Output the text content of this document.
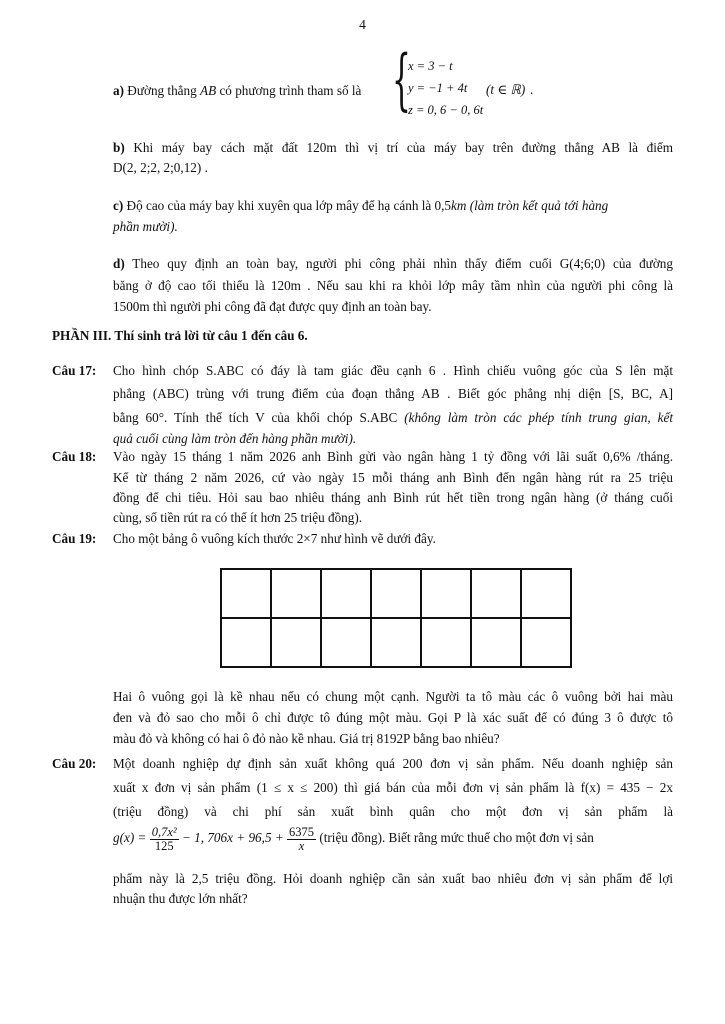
4
a) Đường thẳng AB có phương trình tham số là {
x = 3 − t
y = −1 + 4t
z = 0, 6 − 0, 6t
(t ∈ ℝ) .
b) Khi máy bay cách mặt đất 120m thì vị trí của máy bay trên đường thẳng AB là điểm
D(2, 2;2, 2;0,12) .
c) Độ cao của máy bay khi xuyên qua lớp mây để hạ cánh là 0,5km (làm tròn kết quả tới hàng
phần mười).
d) Theo quy định an toàn bay, người phi công phải nhìn thấy điểm cuối G(4;6;0) của đường
băng ở độ cao tối thiểu là 120m . Nếu sau khi ra khỏi lớp mây tầm nhìn của người phi công là
1500m thì người phi công đã đạt được quy định an toàn bay.
PHẦN III. Thí sinh trả lời từ câu 1 đến câu 6.
Câu 17: Cho hình chóp S.ABC có đáy là tam giác đều cạnh 6 . Hình chiếu vuông góc của S lên mặt
phẳng (ABC) trùng với trung điểm của đoạn thẳng AB . Biết góc phẳng nhị diện [S, BC, A]
bằng 60°. Tính thể tích V của khối chóp S.ABC (không làm tròn các phép tính trung gian, kết
quả cuối cùng làm tròn đến hàng phần mười).
Câu 18: Vào ngày 15 tháng 1 năm 2026 anh Bình gửi vào ngân hàng 1 tỷ đồng với lãi suất 0,6% /tháng.
Kể từ tháng 2 năm 2026, cứ vào ngày 15 mỗi tháng anh Bình đến ngân hàng rút ra 25 triệu
đồng để chi tiêu. Hỏi sau bao nhiêu tháng anh Bình rút hết tiền trong ngân hàng (ở tháng cuối
cùng, số tiền rút ra có thể ít hơn 25 triệu đồng).
Câu 19: Cho một bảng ô vuông kích thước 2×7 như hình vẽ dưới đây.

Hai ô vuông gọi là kề nhau nếu có chung một cạnh. Người ta tô màu các ô vuông bởi hai màu
đen và đỏ sao cho mỗi ô chỉ được tô đúng một màu. Gọi P là xác suất để có đúng 3 ô được tô
màu đỏ và không có hai ô đỏ nào kề nhau. Giá trị 8192P bằng bao nhiêu?
Câu 20: Một doanh nghiệp dự định sản xuất không quá 200 đơn vị sản phẩm. Nếu doanh nghiệp sản
xuất x đơn vị sản phẩm (1 ≤ x ≤ 200) thì giá bán của mỗi đơn vị sản phẩm là f(x) = 435 − 2x
(triệu đồng) và chi phí sản xuất bình quân cho một đơn vị sản phẩm là
$g(x) = \frac{\text{0,7x²}}{125} - 1$, $706x + 96,5 + \frac{6375}{x}$ (triệu đồng). Biết rằng mức thuế cho một đơn vị sản
phẩm này là 2,5 triệu đồng. Hỏi doanh nghiệp cần sản xuất bao nhiêu đơn vị sản phẩm để lợi
nhuận thu được lớn nhất?
